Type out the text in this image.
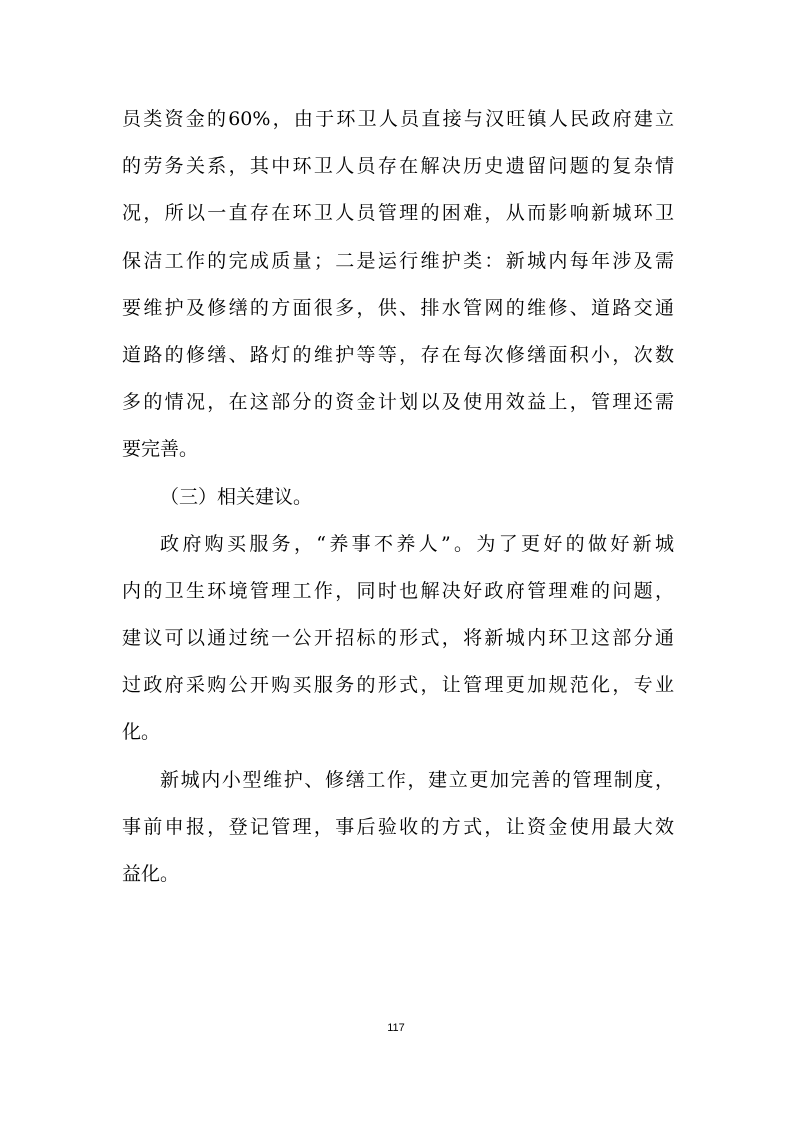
员类资金的60%，由于环卫人员直接与汉旺镇人民政府建立
的劳务关系，其中环卫人员存在解决历史遗留问题的复杂情
况，所以一直存在环卫人员管理的困难，从而影响新城环卫
保洁工作的完成质量；二是运行维护类：新城内每年涉及需
要维护及修缮的方面很多，供、排水管网的维修、道路交通
道路的修缮、路灯的维护等等，存在每次修缮面积小，次数
多的情况，在这部分的资金计划以及使用效益上，管理还需
要完善。
（三）相关建议。
政府购买服务，“养事不养人”。为了更好的做好新城
内的卫生环境管理工作，同时也解决好政府管理难的问题，
建议可以通过统一公开招标的形式，将新城内环卫这部分通
过政府采购公开购买服务的形式，让管理更加规范化，专业
化。
新城内小型维护、修缮工作，建立更加完善的管理制度，
事前申报，登记管理，事后验收的方式，让资金使用最大效
益化。
117
